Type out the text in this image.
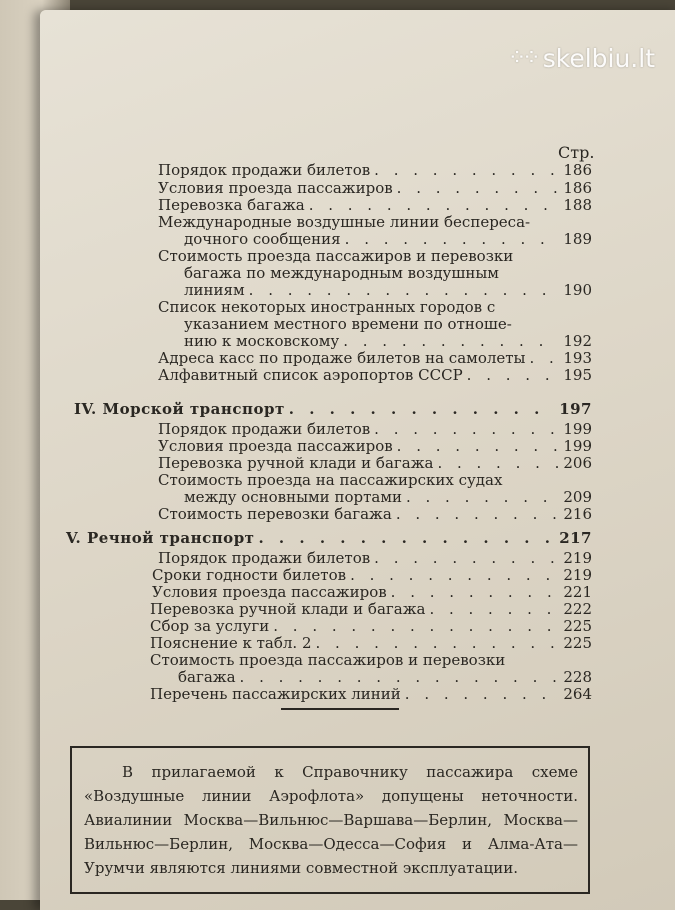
⁘⁘ skelbiu.lt
Стр.
Порядок продажи билетов . . .	186
Условия проезда пассажиров . . .	186
Перевозка багажа . . .	188
Международные воздушные линии беспереса-
дочного сообщения . . .	189
Стоимость проезда пассажиров и перевозки
багажа по международным воздушным
линиям . . .	190
Список некоторых иностранных городов с
указанием местного времени по отноше-
нию к московскому . . .	192
Адреса касс по продаже билетов на самолеты . . .	193
Алфавитный список аэропортов СССР . . .	195
IV. Морской транспорт . . .	197
Порядок продажи билетов . . .	199
Условия проезда пассажиров . . .	199
Перевозка ручной клади и багажа . . .	206
Стоимость проезда на пассажирских судах
между основными портами . . .	209
Стоимость перевозки багажа . . .	216
V. Речной транспорт . . .	217
Порядок продажи билетов . . .	219
Сроки годности билетов . . .	219
Условия проезда пассажиров . . .	221
Перевозка ручной клади и багажа . . .	222
Сбор за услуги . . .	225
Пояснение к табл. 2 . . .	225
Стоимость проезда пассажиров и перевозки
багажа . . .	228
Перечень пассажирских линий . . .	264

В прилагаемой к Справочнику пассажира схеме «Воздушные линии Аэрофлота» допущены неточности. Авиалинии Москва—Вильнюс—Варшава—Берлин, Москва—Вильнюс—Берлин, Москва—Одесса—София и Алма-Ата—Урумчи являются линиями совместной эксплуатации.
